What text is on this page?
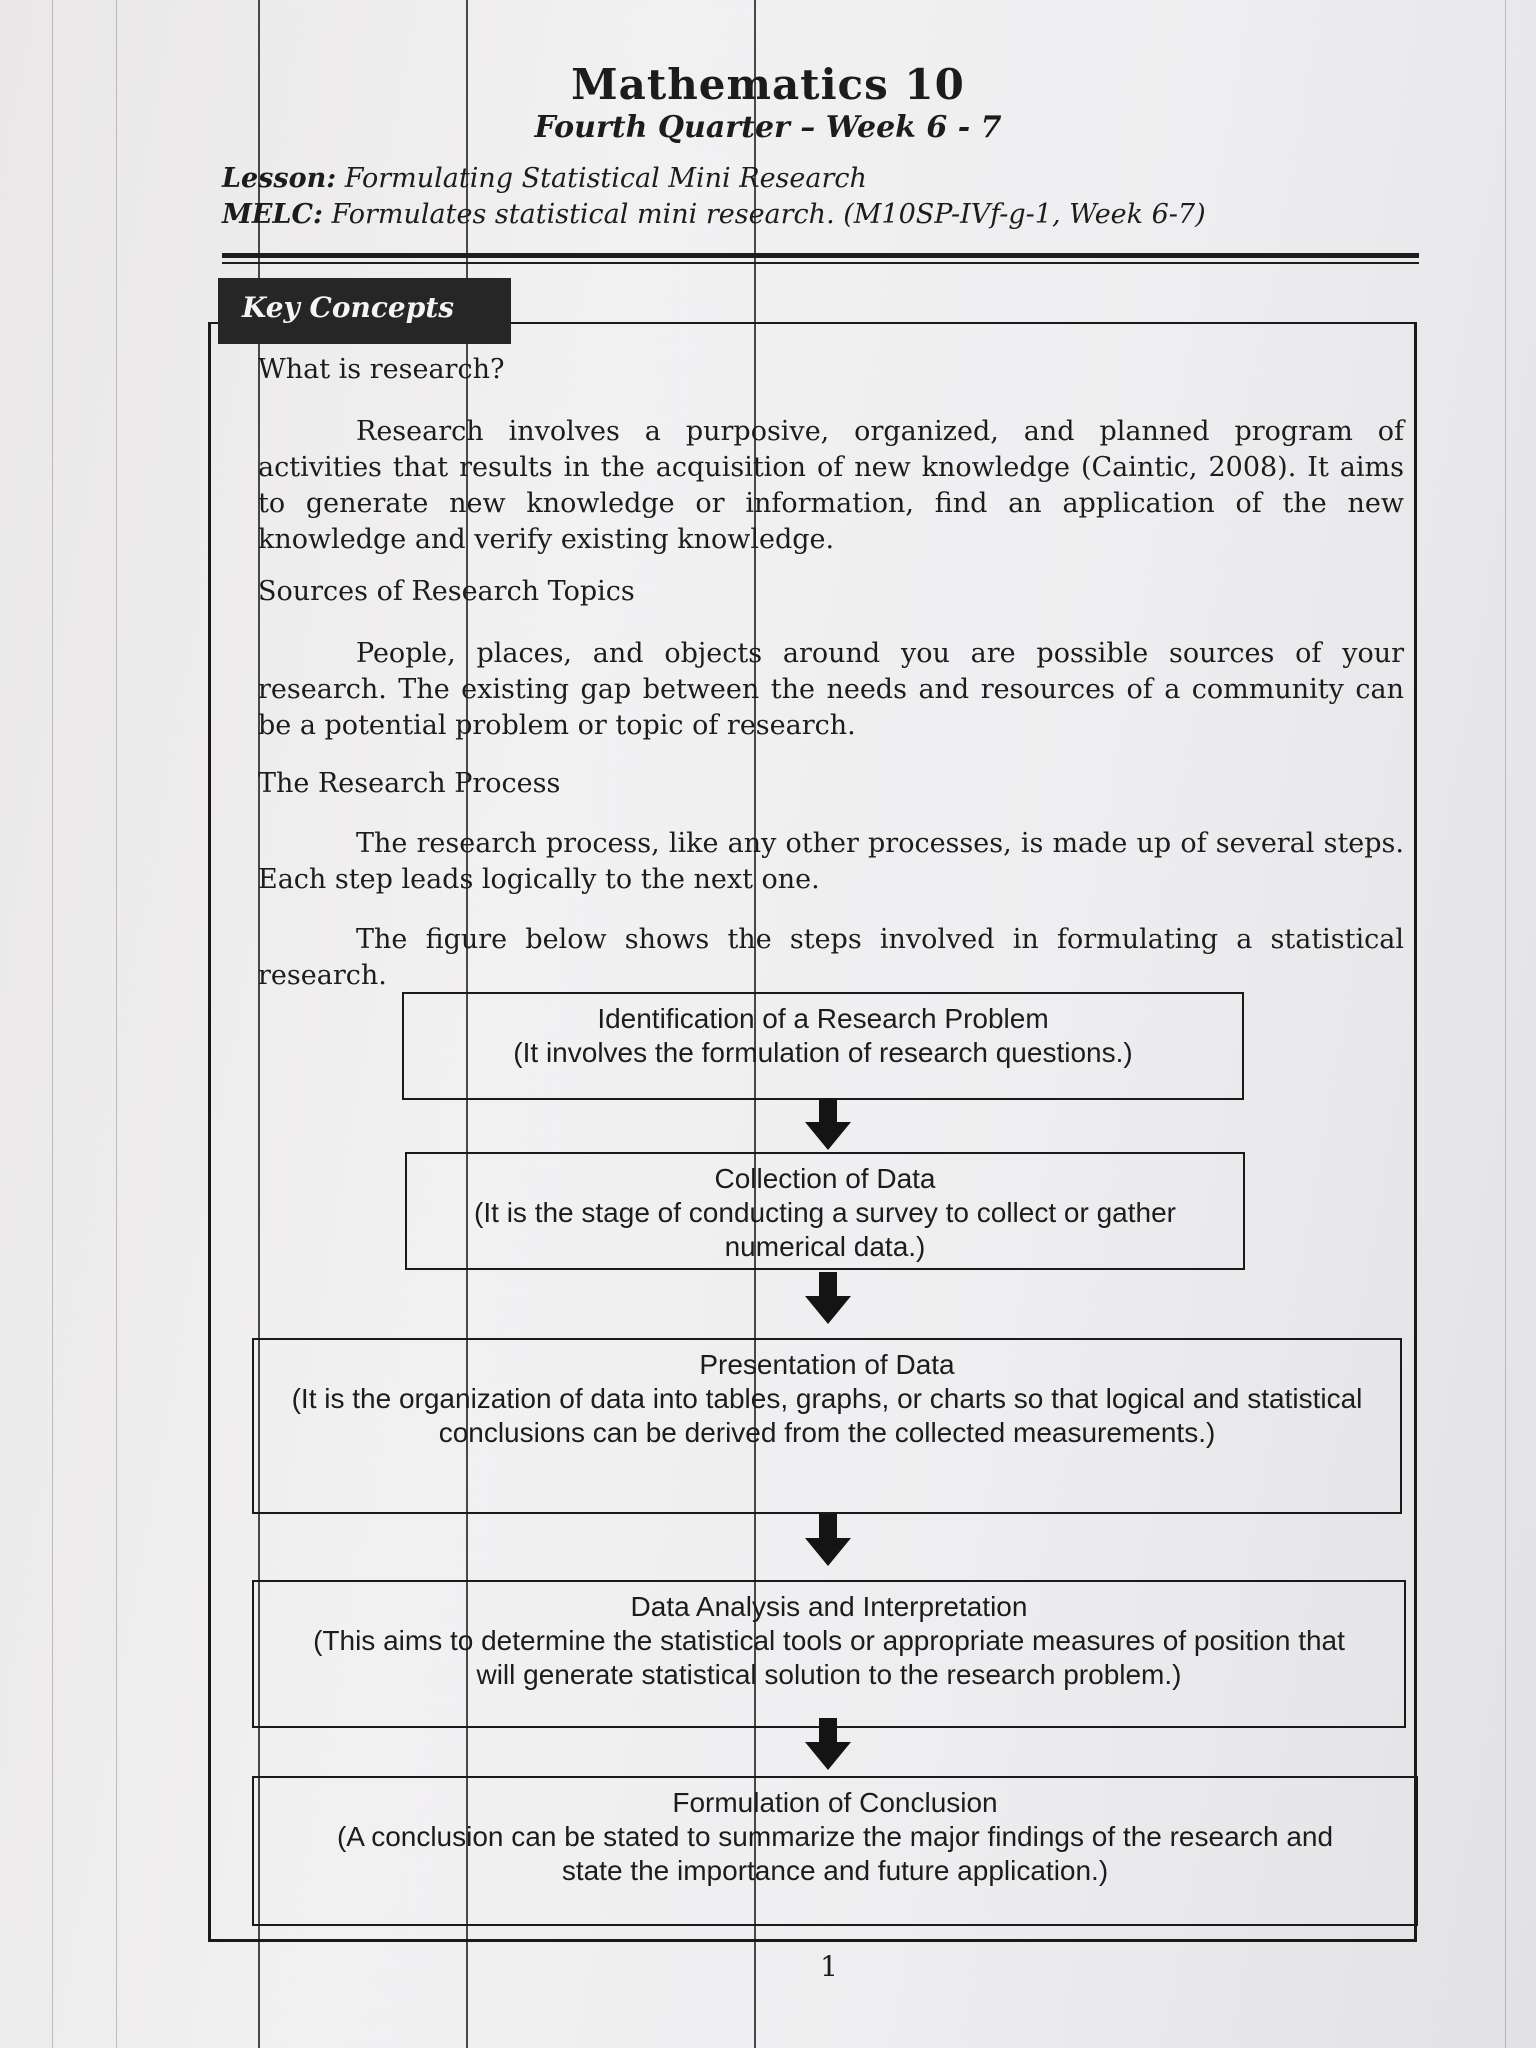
Mathematics 10
Fourth Quarter – Week 6 - 7
Lesson: Formulating Statistical Mini Research
MELC: Formulates statistical mini research. (M10SP-IVf-g-1, Week 6-7)
Key Concepts
What is research?
Research involves a purposive, organized, and planned program of activities that results in the acquisition of new knowledge (Caintic, 2008). It aims to generate new knowledge or information, find an application of the new knowledge and verify existing knowledge.
Sources of Research Topics
People, places, and objects around you are possible sources of your research. The existing gap between the needs and resources of a community can be a potential problem or topic of research.
The Research Process
The research process, like any other processes, is made up of several steps. Each step leads logically to the next one.
The figure below shows the steps involved in formulating a statistical research.
Identification of a Research Problem
(It involves the formulation of research questions.)
Collection of Data
(It is the stage of conducting a survey to collect or gather numerical data.)
Presentation of Data
(It is the organization of data into tables, graphs, or charts so that logical and statistical conclusions can be derived from the collected measurements.)
Data Analysis and Interpretation
(This aims to determine the statistical tools or appropriate measures of position that will generate statistical solution to the research problem.)
Formulation of Conclusion
(A conclusion can be stated to summarize the major findings of the research and state the importance and future application.)
1
